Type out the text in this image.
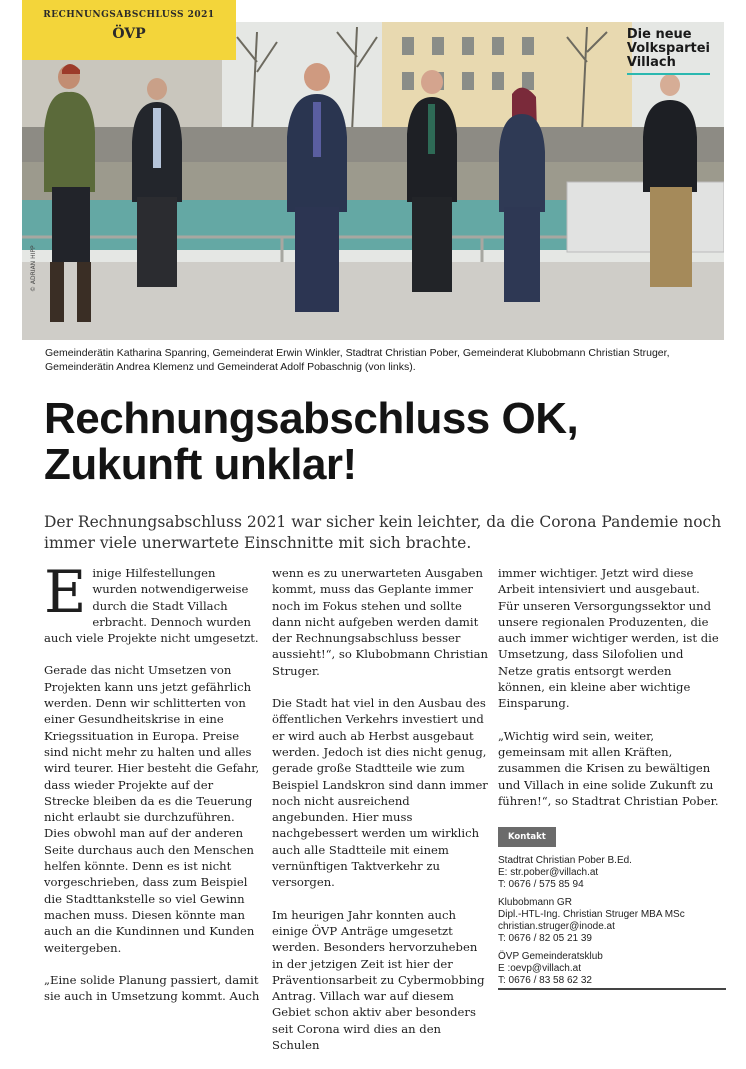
RECHNUNGSABSCHLUSS 2021
ÖVP
© ADRIAN HIPP
Die neue
Volkspartei
Villach
Gemeinderätin Katharina Spanring, Gemeinderat Erwin Winkler, Stadtrat Christian Pober, Gemeinderat Klubobmann Christian Struger, Gemeinderätin Andrea Klemenz und Gemeinderat Adolf Pobaschnig (von links).
Rechnungsabschluss OK,
Zukunft unklar!
Der Rechnungsabschluss 2021 war sicher kein leichter, da die Corona Pandemie noch immer viele unerwartete Einschnitte mit sich brachte.

Einige Hilfestellungen wurden notwendigerweise durch die Stadt Villach erbracht. Dennoch wurden auch viele Projekte nicht umgesetzt.

Gerade das nicht Umsetzen von Projekten kann uns jetzt gefährlich werden. Denn wir schlitterten von einer Gesundheitskrise in eine Kriegssituation in Europa. Preise sind nicht mehr zu halten und alles wird teurer. Hier besteht die Gefahr, dass wieder Projekte auf der Strecke bleiben da es die Teuerung nicht erlaubt sie durchzuführen. Dies obwohl man auf der anderen Seite durchaus auch den Menschen helfen könnte. Denn es ist nicht vorgeschrieben, dass zum Beispiel die Stadttankstelle so viel Gewinn machen muss. Diesen könnte man auch an die Kundinnen und Kunden weitergeben.

„Eine solide Planung passiert, damit sie auch in Umsetzung kommt. Auch

wenn es zu unerwarteten Ausgaben kommt, muss das Geplante immer noch im Fokus stehen und sollte dann nicht aufgeben werden damit der Rechnungsabschluss besser aussieht!“, so Klubobmann Christian Struger.

Die Stadt hat viel in den Ausbau des öffentlichen Verkehrs investiert und er wird auch ab Herbst ausgebaut werden. Jedoch ist dies nicht genug, gerade große Stadtteile wie zum Beispiel Landskron sind dann immer noch nicht ausreichend angebunden. Hier muss nachgebessert werden um wirklich auch alle Stadtteile mit einem vernünftigen Taktverkehr zu versorgen.

Im heurigen Jahr konnten auch einige ÖVP Anträge umgesetzt werden. Besonders hervorzuheben in der jetzigen Zeit ist hier der Präventionsarbeit zu Cybermobbing Antrag. Villach war auf diesem Gebiet schon aktiv aber besonders seit Corona wird dies an den Schulen

immer wichtiger. Jetzt wird diese Arbeit intensiviert und ausgebaut. Für unseren Versorgungssektor und unsere regionalen Produzenten, die auch immer wichtiger werden, ist die Umsetzung, dass Silofolien und Netze gratis entsorgt werden können, ein kleine aber wichtige Einsparung.

„Wichtig wird sein, weiter, gemeinsam mit allen Kräften, zusammen die Krisen zu bewältigen und Villach in eine solide Zukunft zu führen!“, so Stadtrat Christian Pober.

Kontakt
Stadtrat Christian Pober B.Ed.
E: str.pober@villach.at
T: 0676 / 575 85 94
Klubobmann GR
Dipl.-HTL-Ing. Christian Struger MBA MSc
christian.struger@inode.at
T: 0676 / 82 05 21 39
ÖVP Gemeinderatsklub
E :oevp@villach.at
T: 0676 / 83 58 62 32
